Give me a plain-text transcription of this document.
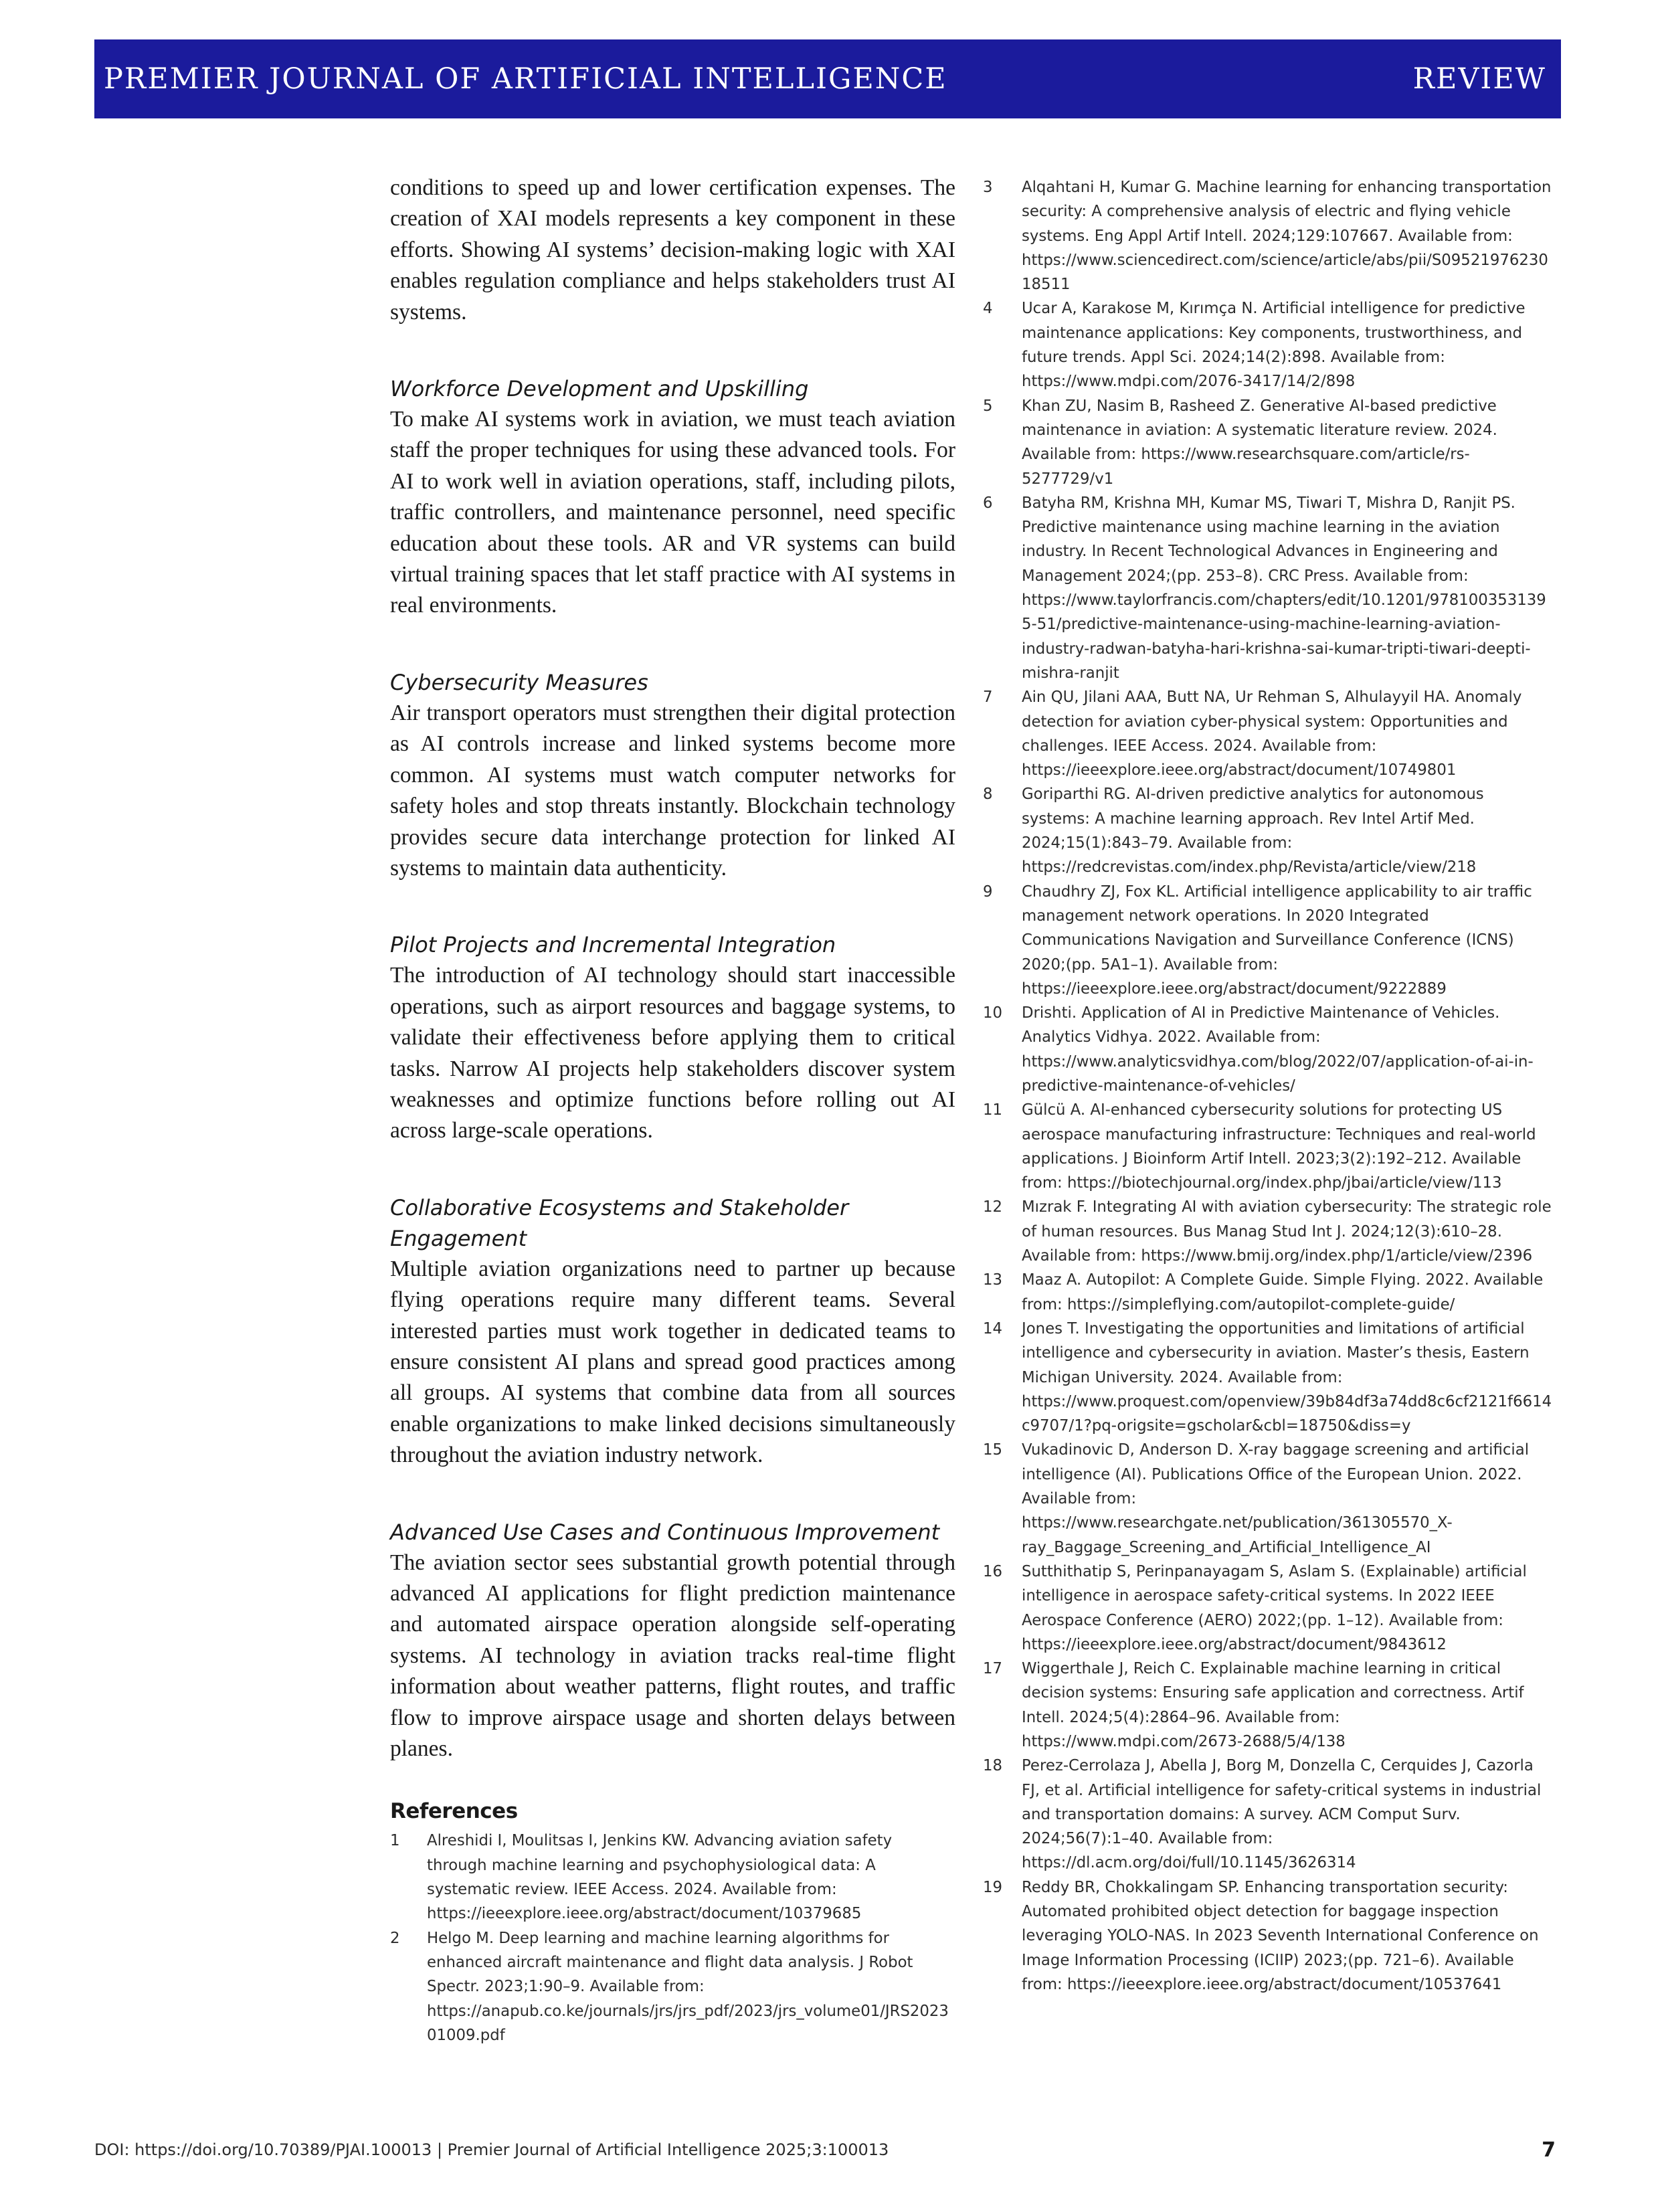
PREMIER JOURNAL OF ARTIFICIAL INTELLIGENCE	REVIEW

conditions to speed up and lower certification expenses. The creation of XAI models represents a key component in these efforts. Showing AI systems’ decision-making logic with XAI enables regulation compliance and helps stakeholders trust AI systems.

Workforce Development and Upskilling

To make AI systems work in aviation, we must teach aviation staff the proper techniques for using these advanced tools. For AI to work well in aviation operations, staff, including pilots, traffic controllers, and maintenance personnel, need specific education about these tools. AR and VR systems can build virtual training spaces that let staff practice with AI systems in real environments.

Cybersecurity Measures

Air transport operators must strengthen their digital protection as AI controls increase and linked systems become more common. AI systems must watch computer networks for safety holes and stop threats instantly. Blockchain technology provides secure data interchange protection for linked AI systems to maintain data authenticity.

Pilot Projects and Incremental Integration

The introduction of AI technology should start inaccessible operations, such as airport resources and baggage systems, to validate their effectiveness before applying them to critical tasks. Narrow AI projects help stakeholders discover system weaknesses and optimize functions before rolling out AI across large-scale operations.

Collaborative Ecosystems and Stakeholder Engagement

Multiple aviation organizations need to partner up because flying operations require many different teams. Several interested parties must work together in dedicated teams to ensure consistent AI plans and spread good practices among all groups. AI systems that combine data from all sources enable organizations to make linked decisions simultaneously throughout the aviation industry network.

Advanced Use Cases and Continuous Improvement

The aviation sector sees substantial growth potential through advanced AI applications for flight prediction maintenance and automated airspace operation alongside self-operating systems. AI technology in aviation tracks real-time flight information about weather patterns, flight routes, and traffic flow to improve airspace usage and shorten delays between planes.

References
1	Alreshidi I, Moulitsas I, Jenkins KW. Advancing aviation safety through machine learning and psychophysiological data: A systematic review. IEEE Access. 2024. Available from: https://ieeexplore.ieee.org/abstract/document/10379685
2	Helgo M. Deep learning and machine learning algorithms for enhanced aircraft maintenance and flight data analysis. J Robot Spectr. 2023;1:90–9. Available from: https://anapub.co.ke/journals/jrs/jrs_pdf/2023/jrs_volume01/JRS202301009.pdf
3	Alqahtani H, Kumar G. Machine learning for enhancing transportation security: A comprehensive analysis of electric and flying vehicle systems. Eng Appl Artif Intell. 2024;129:107667. Available from: https://www.sciencedirect.com/science/article/abs/pii/S0952197623018511
4	Ucar A, Karakose M, Kırımça N. Artificial intelligence for predictive maintenance applications: Key components, trustworthiness, and future trends. Appl Sci. 2024;14(2):898. Available from: https://www.mdpi.com/2076-3417/14/2/898
5	Khan ZU, Nasim B, Rasheed Z. Generative AI-based predictive maintenance in aviation: A systematic literature review. 2024. Available from: https://www.researchsquare.com/article/rs-5277729/v1
6	Batyha RM, Krishna MH, Kumar MS, Tiwari T, Mishra D, Ranjit PS. Predictive maintenance using machine learning in the aviation industry. In Recent Technological Advances in Engineering and Management 2024;(pp. 253–8). CRC Press. Available from: https://www.taylorfrancis.com/chapters/edit/10.1201/9781003531395-51/predictive-maintenance-using-machine-learning-aviation-industry-radwan-batyha-hari-krishna-sai-kumar-tripti-tiwari-deepti-mishra-ranjit
7	Ain QU, Jilani AAA, Butt NA, Ur Rehman S, Alhulayyil HA. Anomaly detection for aviation cyber-physical system: Opportunities and challenges. IEEE Access. 2024. Available from: https://ieeexplore.ieee.org/abstract/document/10749801
8	Goriparthi RG. AI-driven predictive analytics for autonomous systems: A machine learning approach. Rev Intel Artif Med. 2024;15(1):843–79. Available from: https://redcrevistas.com/index.php/Revista/article/view/218
9	Chaudhry ZJ, Fox KL. Artificial intelligence applicability to air traffic management network operations. In 2020 Integrated Communications Navigation and Surveillance Conference (ICNS) 2020;(pp. 5A1–1). Available from: https://ieeexplore.ieee.org/abstract/document/9222889
10	Drishti. Application of AI in Predictive Maintenance of Vehicles. Analytics Vidhya. 2022. Available from: https://www.analyticsvidhya.com/blog/2022/07/application-of-ai-in-predictive-maintenance-of-vehicles/
11	Gülcü A. AI-enhanced cybersecurity solutions for protecting US aerospace manufacturing infrastructure: Techniques and real-world applications. J Bioinform Artif Intell. 2023;3(2):192–212. Available from: https://biotechjournal.org/index.php/jbai/article/view/113
12	Mızrak F. Integrating AI with aviation cybersecurity: The strategic role of human resources. Bus Manag Stud Int J. 2024;12(3):610–28. Available from: https://www.bmij.org/index.php/1/article/view/2396
13	Maaz A. Autopilot: A Complete Guide. Simple Flying. 2022. Available from: https://simpleflying.com/autopilot-complete-guide/
14	Jones T. Investigating the opportunities and limitations of artificial intelligence and cybersecurity in aviation. Master’s thesis, Eastern Michigan University. 2024. Available from: https://www.proquest.com/openview/39b84df3a74dd8c6cf2121f6614c9707/1?pq-origsite=gscholar&cbl=18750&diss=y
15	Vukadinovic D, Anderson D. X-ray baggage screening and artificial intelligence (AI). Publications Office of the European Union. 2022. Available from: https://www.researchgate.net/publication/361305570_X-ray_Baggage_Screening_and_Artificial_Intelligence_AI
16	Sutthithatip S, Perinpanayagam S, Aslam S. (Explainable) artificial intelligence in aerospace safety-critical systems. In 2022 IEEE Aerospace Conference (AERO) 2022;(pp. 1–12). Available from: https://ieeexplore.ieee.org/abstract/document/9843612
17	Wiggerthale J, Reich C. Explainable machine learning in critical decision systems: Ensuring safe application and correctness. Artif Intell. 2024;5(4):2864–96. Available from: https://www.mdpi.com/2673-2688/5/4/138
18	Perez-Cerrolaza J, Abella J, Borg M, Donzella C, Cerquides J, Cazorla FJ, et al. Artificial intelligence for safety-critical systems in industrial and transportation domains: A survey. ACM Comput Surv. 2024;56(7):1–40. Available from: https://dl.acm.org/doi/full/10.1145/3626314
19	Reddy BR, Chokkalingam SP. Enhancing transportation security: Automated prohibited object detection for baggage inspection leveraging YOLO-NAS. In 2023 Seventh International Conference on Image Information Processing (ICIIP) 2023;(pp. 721–6). Available from: https://ieeexplore.ieee.org/abstract/document/10537641
DOI: https://doi.org/10.70389/PJAI.100013 | Premier Journal of Artificial Intelligence 2025;3:100013	7
